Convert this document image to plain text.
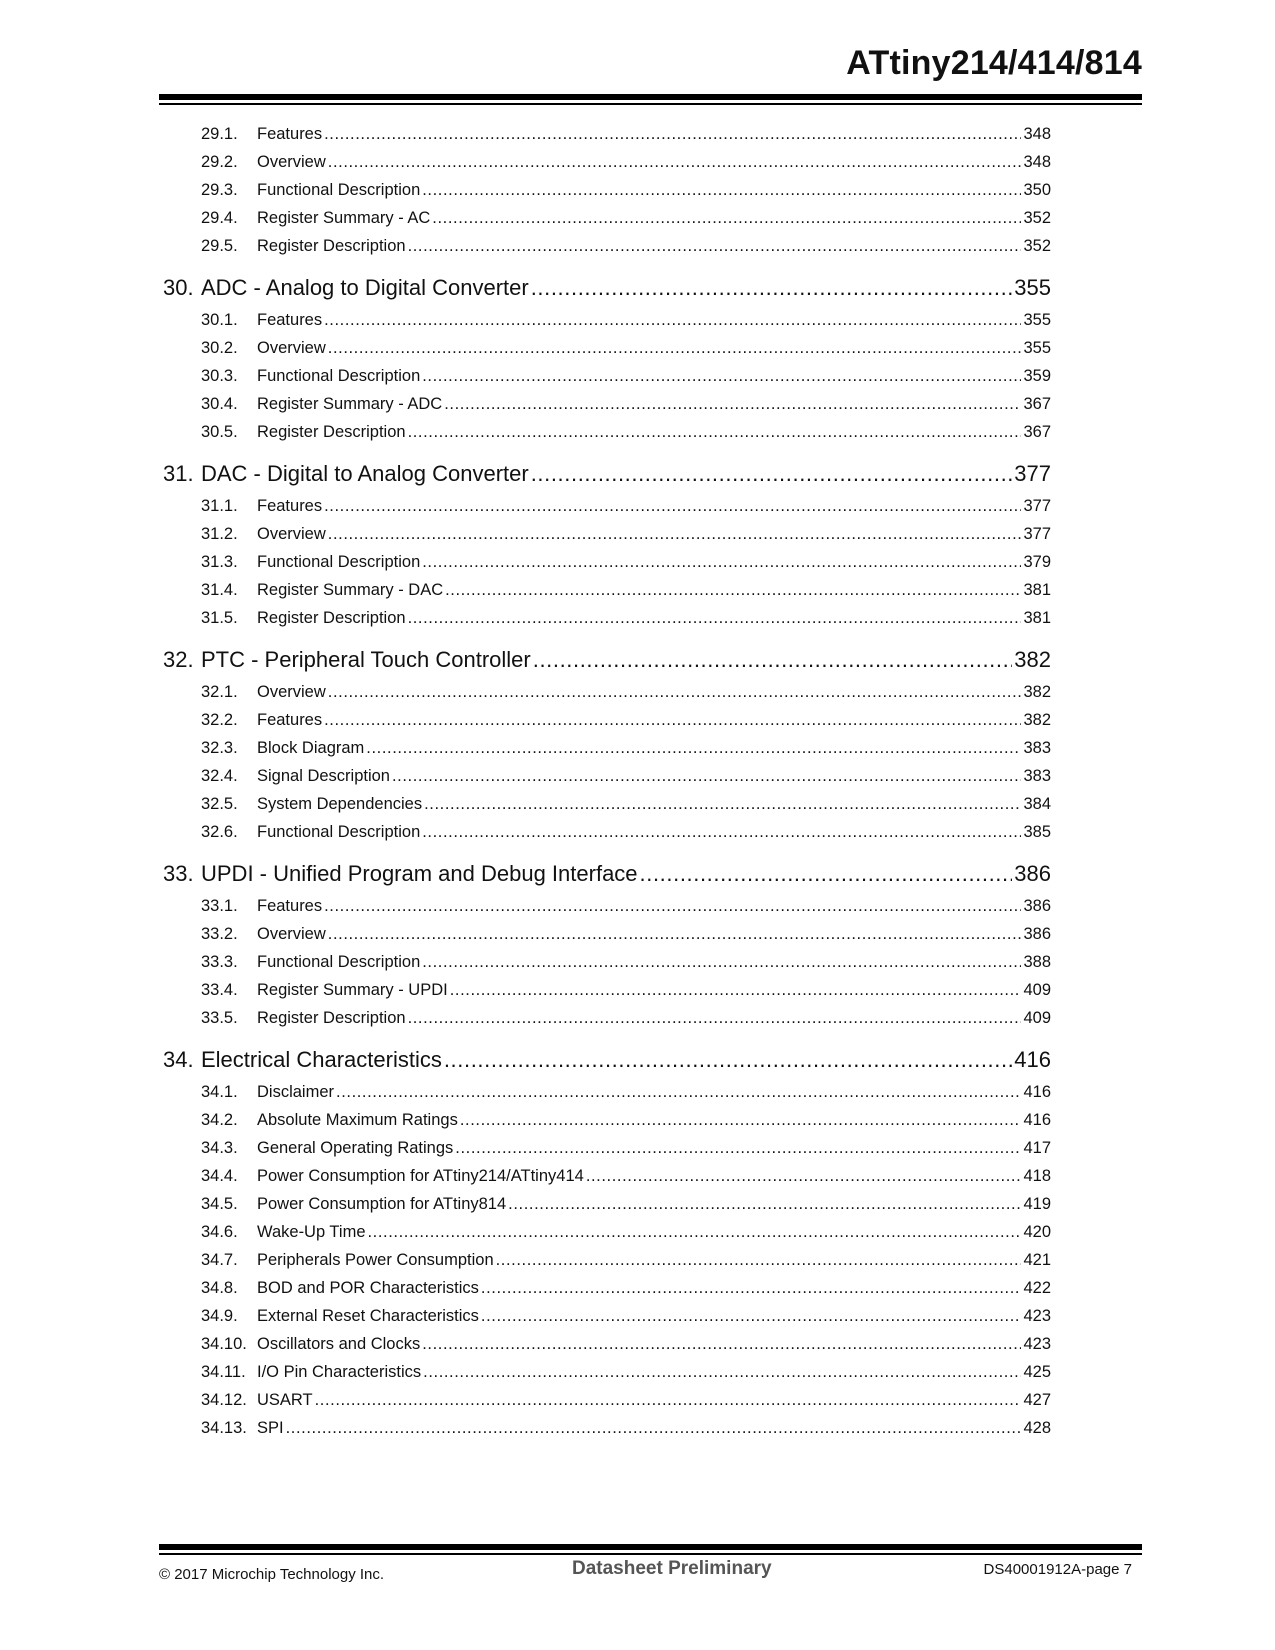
ATtiny214/414/814
29.1.	Features .....	348
29.2.	Overview .....	348
29.3.	Functional Description .....	350
29.4.	Register Summary - AC .....	352
29.5.	Register Description .....	352
30. ADC - Analog to Digital Converter .....	355
30.1.	Features .....	355
30.2.	Overview .....	355
30.3.	Functional Description .....	359
30.4.	Register Summary - ADC .....	367
30.5.	Register Description .....	367
31. DAC - Digital to Analog Converter .....	377
31.1.	Features .....	377
31.2.	Overview .....	377
31.3.	Functional Description .....	379
31.4.	Register Summary - DAC .....	381
31.5.	Register Description .....	381
32. PTC - Peripheral Touch Controller .....	382
32.1.	Overview .....	382
32.2.	Features .....	382
32.3.	Block Diagram .....	383
32.4.	Signal Description .....	383
32.5.	System Dependencies .....	384
32.6.	Functional Description .....	385
33. UPDI - Unified Program and Debug Interface .....	386
33.1.	Features .....	386
33.2.	Overview .....	386
33.3.	Functional Description .....	388
33.4.	Register Summary - UPDI .....	409
33.5.	Register Description .....	409
34. Electrical Characteristics .....	416
34.1.	Disclaimer .....	416
34.2.	Absolute Maximum Ratings .....	416
34.3.	General Operating Ratings .....	417
34.4.	Power Consumption for ATtiny214/ATtiny414 .....	418
34.5.	Power Consumption for ATtiny814 .....	419
34.6.	Wake-Up Time .....	420
34.7.	Peripherals Power Consumption .....	421
34.8.	BOD and POR Characteristics .....	422
34.9.	External Reset Characteristics .....	423
34.10. Oscillators and Clocks .....	423
34.11. I/O Pin Characteristics .....	425
34.12. USART .....	427
34.13. SPI .....	428
© 2017 Microchip Technology Inc.	Datasheet Preliminary	DS40001912A-page 7
